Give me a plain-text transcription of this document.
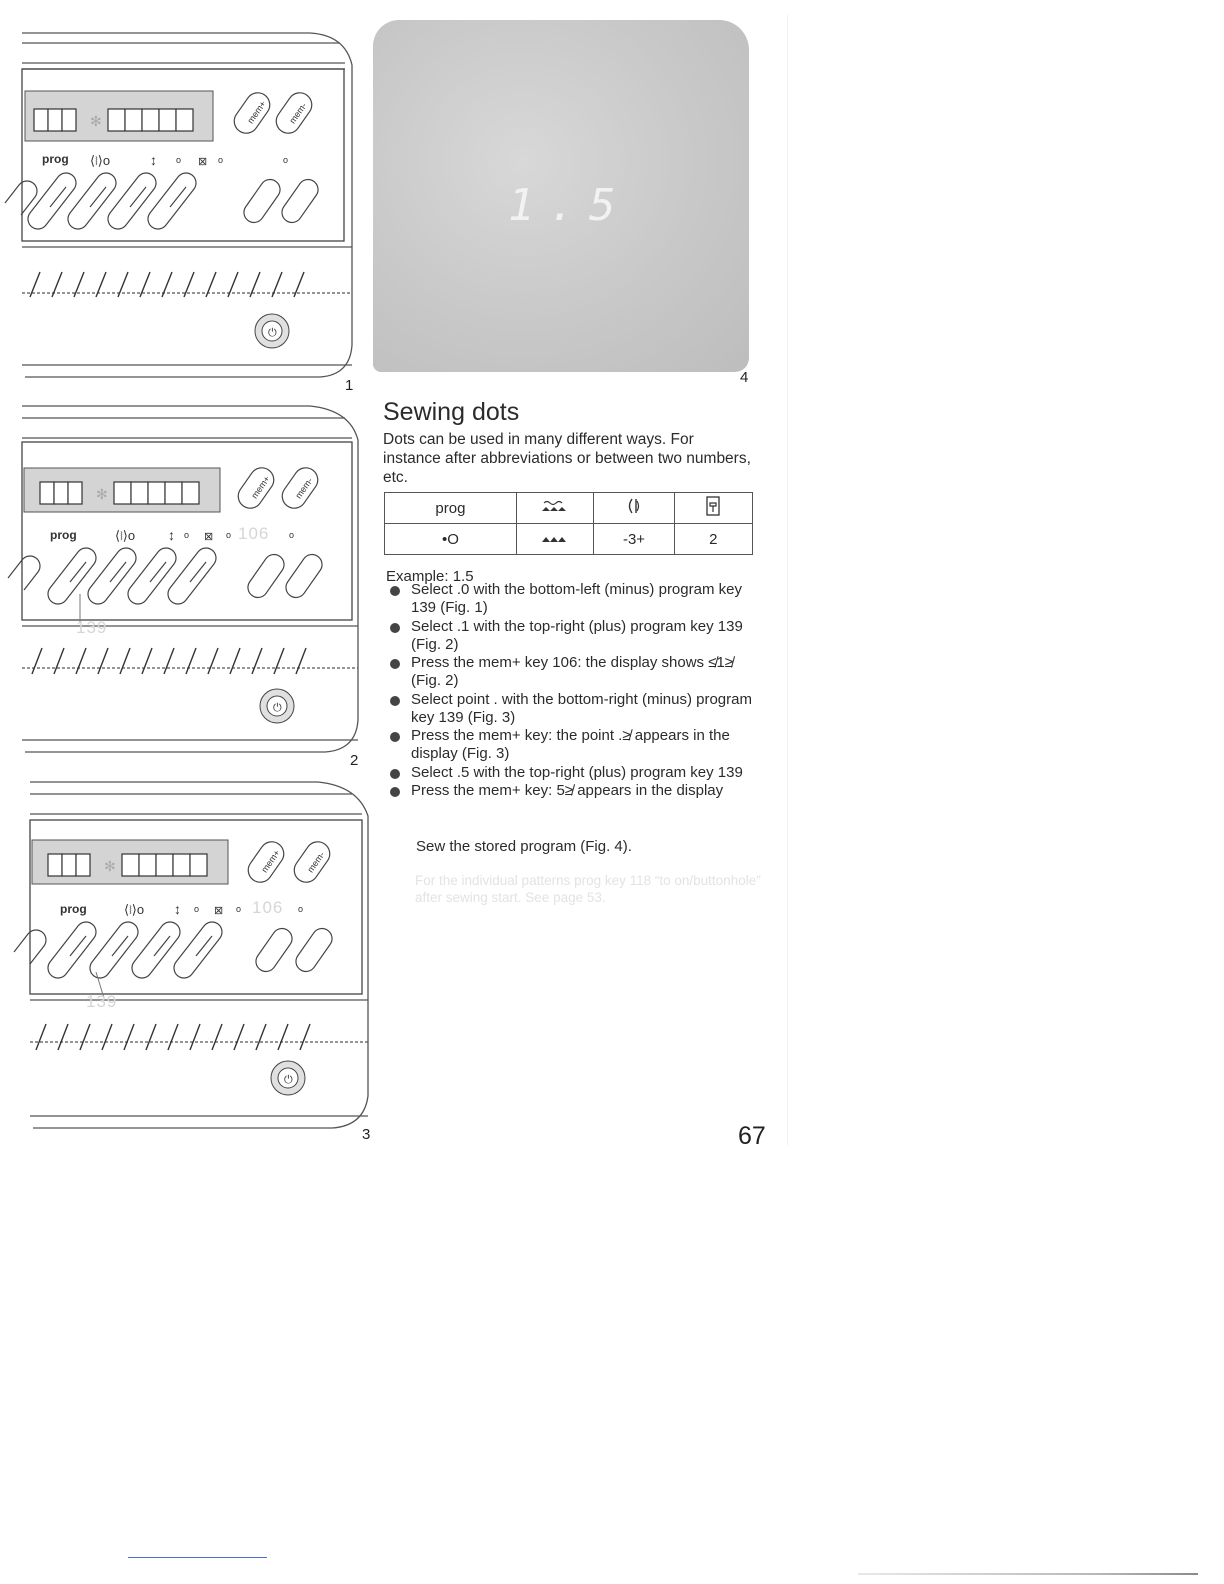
✻	mem+ mem-
⟨⧘⟩o	↕ o ⊠ o	o
⏻
prog
1
✻	mem+ mem-
⟨⧘⟩o ↕ o ⊠ o	o
⏻
prog	106
139
2
✻	mem+	mem-
⟨⧘⟩o ↕ o ⊠ o	o
⏻
prog	106
139
3
1.5
4
Sewing dots
Dots can be used in many different ways. For instance after abbreviations or between two numbers, etc.
prog			
•O		-3+	2
Example: 1.5
Select .0 with the bottom-left (minus) program key 139 (Fig. 1)
Select .1 with the top-right (plus) program key 139 (Fig. 2)
Press the mem+ key 106: the display shows ≰1≱ (Fig. 2)
Select point . with the bottom-right (minus) program key 139 (Fig. 3)
Press the mem+ key: the point .≱ appears in the display (Fig. 3)
Select .5 with the top-right (plus) program key 139
Press the mem+ key: 5≱ appears in the display
Sew the stored program (Fig. 4).
For the individual patterns prog key 118 “to on/buttonhole” after sewing start. See page 53.
67
